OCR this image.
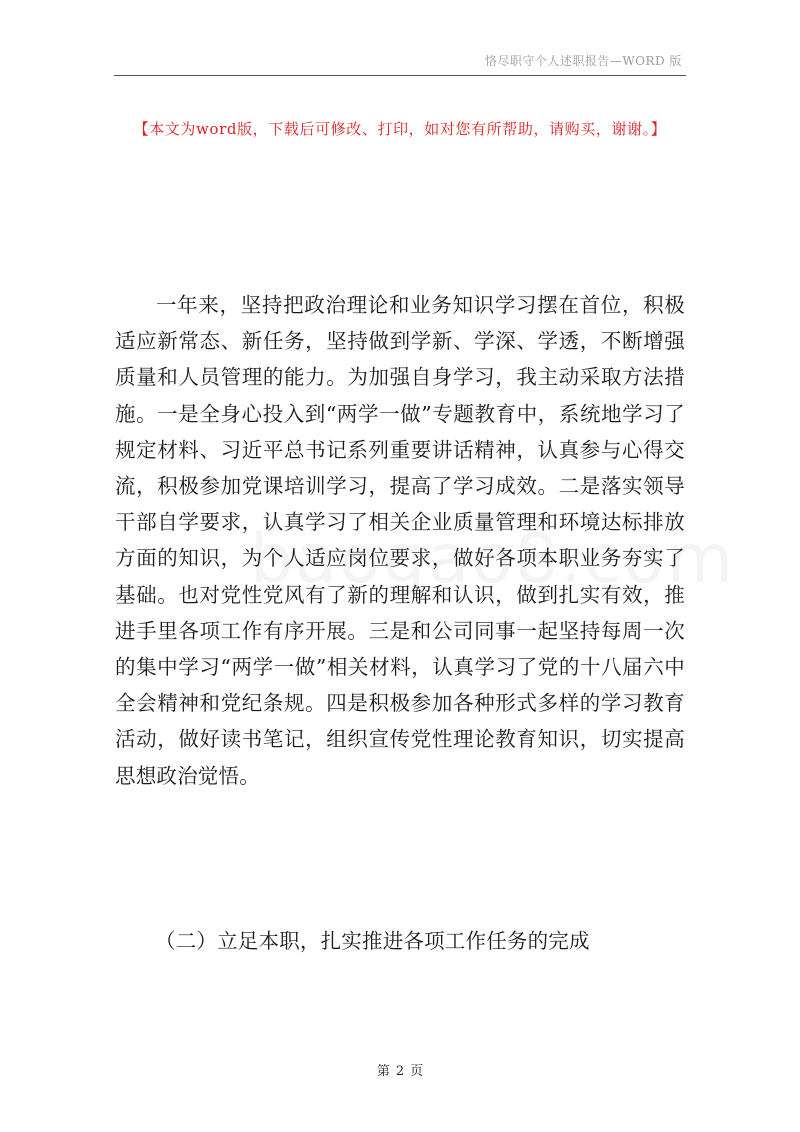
恪尽职守个人述职报告—WORD 版
【本文为word版，下载后可修改、打印，如对您有所帮助，请购买，谢谢。】

一年来，坚持把政治理论和业务知识学习摆在首位，积极适应新常态、新任务，坚持做到学新、学深、学透，不断增强质量和人员管理的能力。为加强自身学习，我主动采取方法措施。一是全身心投入到“两学一做”专题教育中，系统地学习了规定材料、习近平总书记系列重要讲话精神，认真参与心得交流，积极参加党课培训学习，提高了学习成效。二是落实领导干部自学要求，认真学习了相关企业质量管理和环境达标排放方面的知识，为个人适应岗位要求，做好各项本职业务夯实了基础。也对党性党风有了新的理解和认识，做到扎实有效，推进手里各项工作有序开展。三是和公司同事一起坚持每周一次的集中学习“两学一做”相关材料，认真学习了党的十八届六中全会精神和党纪条规。四是积极参加各种形式多样的学习教育活动，做好读书笔记，组织宣传党性理论教育知识，切实提高思想政治觉悟。

（二）立足本职，扎实推进各项工作任务的完成
第 2 页
